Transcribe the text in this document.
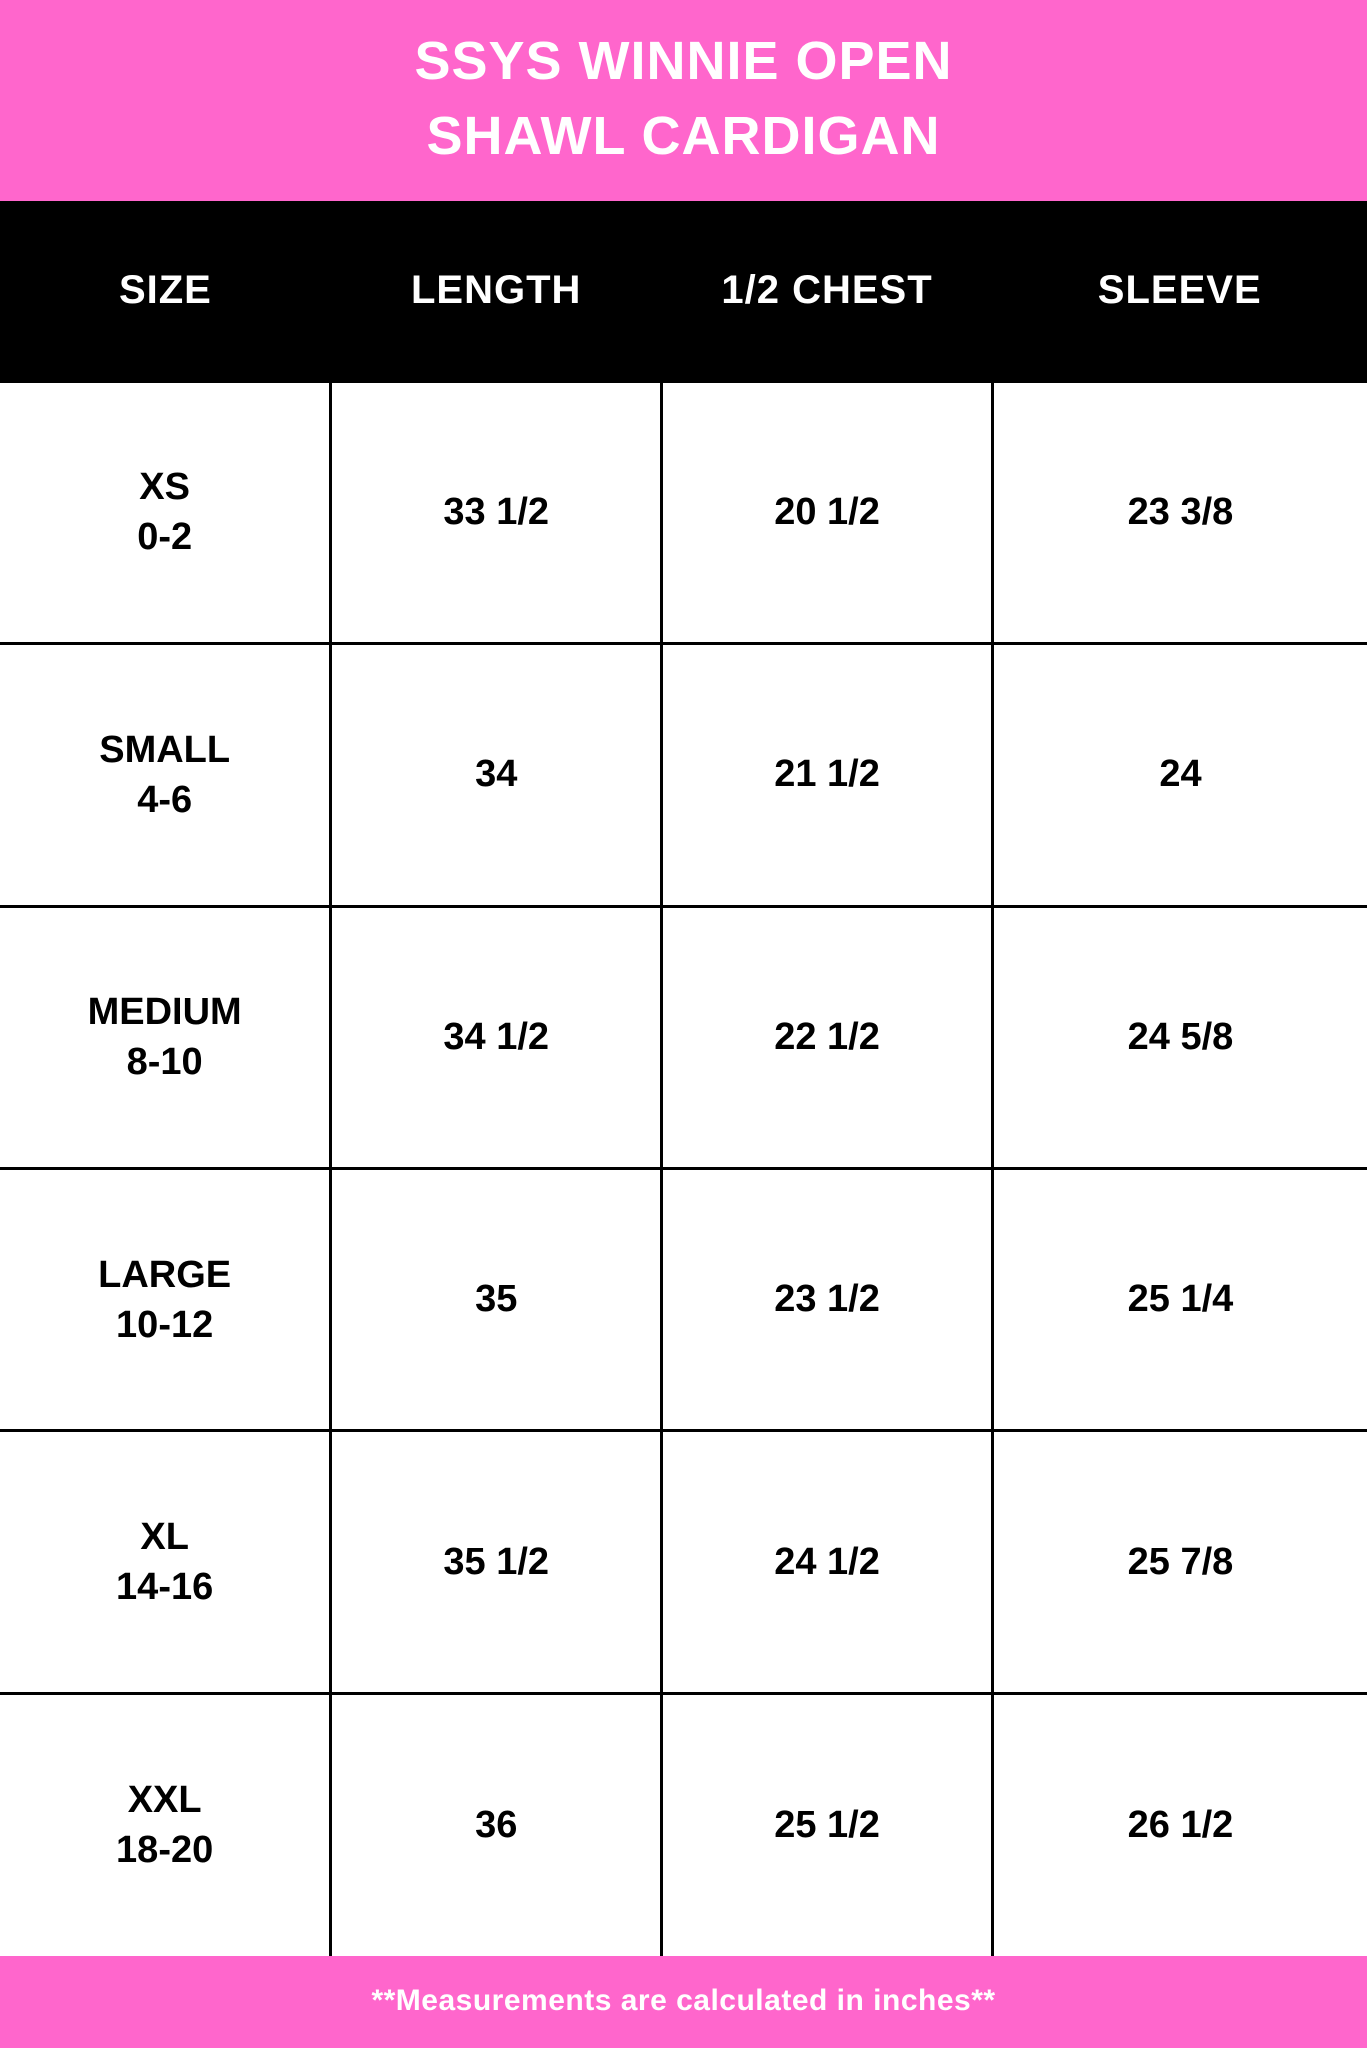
SSYS WINNIE OPEN
SHAWL CARDIGAN
SIZE	LENGTH	1/2 CHEST	SLEEVE

XS
0-2	33 1/2	20 1/2	23 3/8

SMALL
4-6	34	21 1/2	24

MEDIUM
8-10	34 1/2	22 1/2	24 5/8

LARGE
10-12	35	23 1/2	25 1/4

XL
14-16	35 1/2	24 1/2	25 7/8

XXL
18-20	36	25 1/2	26 1/2
**Measurements are calculated in inches**
